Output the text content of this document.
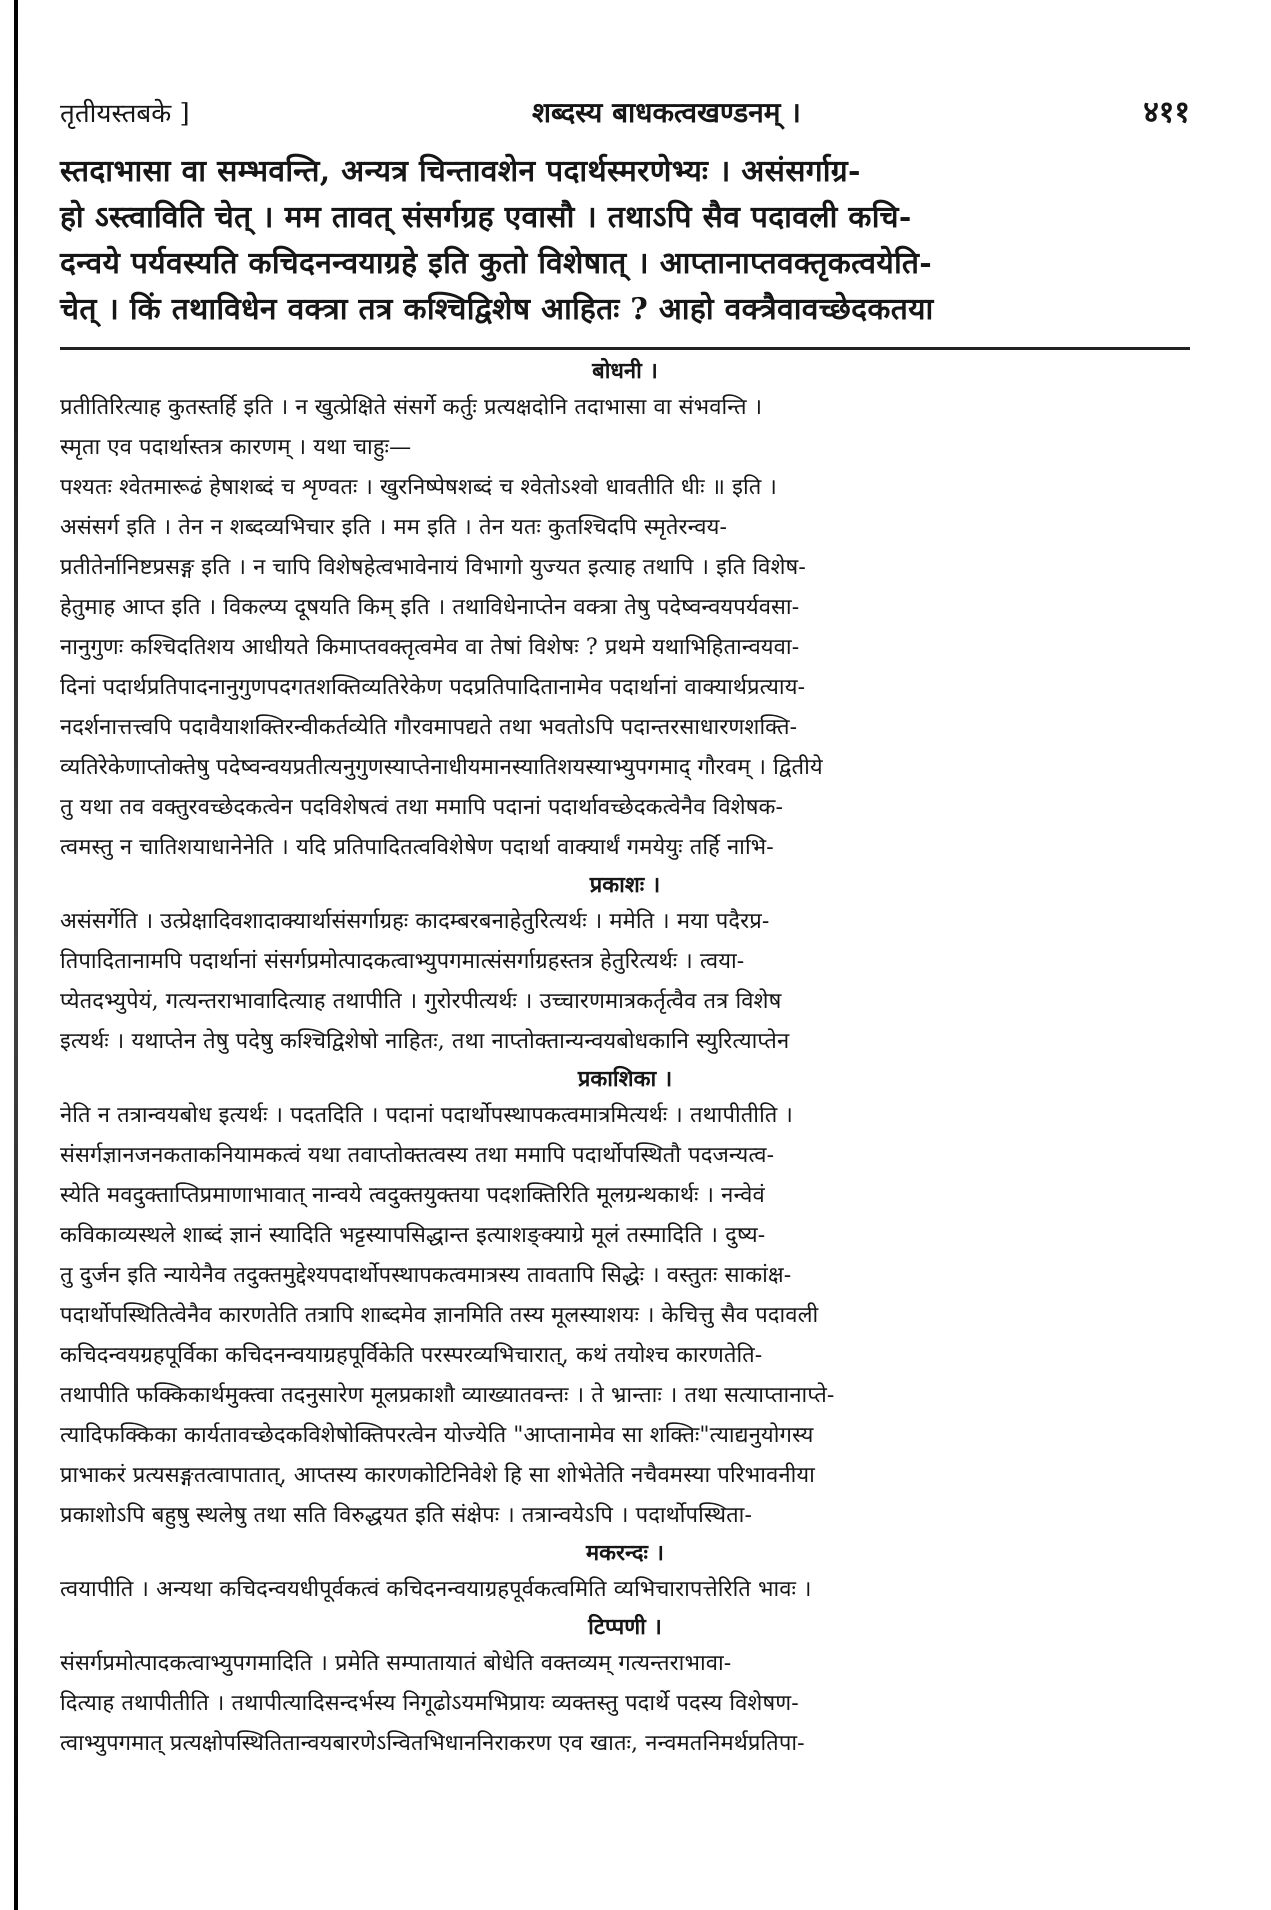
तृतीयस्तबके ]	शब्दस्य बाधकत्वखण्डनम् ।	४११

स्तदाभासा वा सम्भवन्ति, अन्यत्र चिन्तावशेन पदार्थस्मरणेभ्यः । असंसर्गाग्र-

हो ऽस्त्वाविति चेत् । मम तावत् संसर्गग्रह एवासौ । तथाऽपि सैव पदावली कचि-

दन्वये पर्यवस्यति कचिदनन्वयाग्रहे इति कुतो विशेषात् । आप्तानाप्तवक्तृकत्वयेति-

चेत् । किं तथाविधेन वक्त्रा तत्र कश्चिद्विशेष आहितः ? आहो वक्त्रैवावच्छेदकतया

बोधनी ।

प्रतीतिरित्याह कुतस्तर्हि इति । न खुत्प्रेक्षिते संसर्गे कर्तुः प्रत्यक्षदोनि तदाभासा वा संभवन्ति ।

स्मृता एव पदार्थास्तत्र कारणम् । यथा चाहुः—

पश्यतः श्वेतमारूढं हेषाशब्दं च शृण्वतः । खुरनिष्पेषशब्दं च श्वेतोऽश्वो धावतीति धीः ॥ इति ।

असंसर्ग इति । तेन न शब्दव्यभिचार इति । मम इति । तेन यतः कुतश्चिदपि स्मृतेरन्वय-

प्रतीतेर्नानिष्टप्रसङ्ग इति । न चापि विशेषहेत्वभावेनायं विभागो युज्यत इत्याह तथापि । इति विशेष-

हेतुमाह आप्त इति । विकल्प्य दूषयति किम् इति । तथाविधेनाप्तेन वक्त्रा तेषु पदेष्वन्वयपर्यवसा-

नानुगुणः कश्चिदतिशय आधीयते किमाप्तवक्तृत्वमेव वा तेषां विशेषः ? प्रथमे यथाभिहितान्वयवा-

दिनां पदार्थप्रतिपादनानुगुणपदगतशक्तिव्यतिरेकेण पदप्रतिपादितानामेव पदार्थानां वाक्यार्थप्रत्याय-

नदर्शनात्तत्त्वपि पदावैयाशक्तिरन्वीकर्तव्येति गौरवमापद्यते तथा भवतोऽपि पदान्तरसाधारणशक्ति-

व्यतिरेकेणाप्तोक्तेषु पदेष्वन्वयप्रतीत्यनुगुणस्याप्तेनाधीयमानस्यातिशयस्याभ्युपगमाद् गौरवम् । द्वितीये

तु यथा तव वक्तुरवच्छेदकत्वेन पदविशेषत्वं तथा ममापि पदानां पदार्थावच्छेदकत्वेनैव विशेषक-

त्वमस्तु न चातिशयाधानेनेति । यदि प्रतिपादितत्वविशेषेण पदार्था वाक्यार्थं गमयेयुः तर्हि नाभि-

प्रकाशः ।

असंसर्गेति । उत्प्रेक्षादिवशादाक्यार्थासंसर्गाग्रहः कादम्बरबनाहेतुरित्यर्थः । ममेति । मया पदैरप्र-

तिपादितानामपि पदार्थानां संसर्गप्रमोत्पादकत्वाभ्युपगमात्संसर्गाग्रहस्तत्र हेतुरित्यर्थः । त्वया-

प्येतदभ्युपेयं, गत्यन्तराभावादित्याह तथापीति । गुरोरपीत्यर्थः । उच्चारणमात्रकर्तृत्वैव तत्र विशेष

इत्यर्थः । यथाप्तेन तेषु पदेषु कश्चिद्विशेषो नाहितः, तथा नाप्तोक्तान्यन्वयबोधकानि स्युरित्याप्तेन

प्रकाशिका ।

नेति न तत्रान्वयबोध इत्यर्थः । पदतदिति । पदानां पदार्थोपस्थापकत्वमात्रमित्यर्थः । तथापीतीति ।

संसर्गज्ञानजनकताकनियामकत्वं यथा तवाप्तोक्तत्वस्य तथा ममापि पदार्थोपस्थितौ पदजन्यत्व-

स्येति मवदुक्ताप्तिप्रमाणाभावात् नान्वये त्वदुक्तयुक्तया पदशक्तिरिति मूलग्रन्थकार्थः । नन्वेवं

कविकाव्यस्थले शाब्दं ज्ञानं स्यादिति भट्टस्यापसिद्धान्त इत्याशङ्क्याग्रे मूलं तस्मादिति । दुष्य-

तु दुर्जन इति न्यायेनैव तदुक्तमुद्देश्यपदार्थोपस्थापकत्वमात्रस्य तावतापि सिद्धेः । वस्तुतः साकांक्ष-

पदार्थोपस्थितित्वेनैव कारणतेति तत्रापि शाब्दमेव ज्ञानमिति तस्य मूलस्याशयः । केचित्तु सैव पदावली

कचिदन्वयग्रहपूर्विका कचिदनन्वयाग्रहपूर्विकेति परस्परव्यभिचारात्, कथं तयोश्च कारणतेति-

तथापीति फक्किकार्थमुक्त्वा तदनुसारेण मूलप्रकाशौ व्याख्यातवन्तः । ते भ्रान्ताः । तथा सत्याप्तानाप्ते-

त्यादिफक्किका कार्यतावच्छेदकविशेषोक्तिपरत्वेन योज्येति "आप्तानामेव सा शक्तिः"त्याद्यनुयोगस्य

प्राभाकरं प्रत्यसङ्गतत्वापातात्, आप्तस्य कारणकोटिनिवेशे हि सा शोभेतेति नचैवमस्या परिभावनीया

प्रकाशोऽपि बहुषु स्थलेषु तथा सति विरुद्धयत इति संक्षेपः । तत्रान्वयेऽपि । पदार्थोपस्थिता-

मकरन्दः ।

त्वयापीति । अन्यथा कचिदन्वयधीपूर्वकत्वं कचिदनन्वयाग्रहपूर्वकत्वमिति व्यभिचारापत्तेरिति भावः ।

टिप्पणी ।

संसर्गप्रमोत्पादकत्वाभ्युपगमादिति । प्रमेति सम्पातायातं बोधेति वक्तव्यम् गत्यन्तराभावा-

दित्याह तथापीतीति । तथापीत्यादिसन्दर्भस्य निगूढोऽयमभिप्रायः व्यक्तस्तु पदार्थे पदस्य विशेषण-

त्वाभ्युपगमात् प्रत्यक्षोपस्थितितान्वयबारणेऽन्वितभिधाननिराकरण एव खातः, नन्वमतनिमर्थप्रतिपा-
